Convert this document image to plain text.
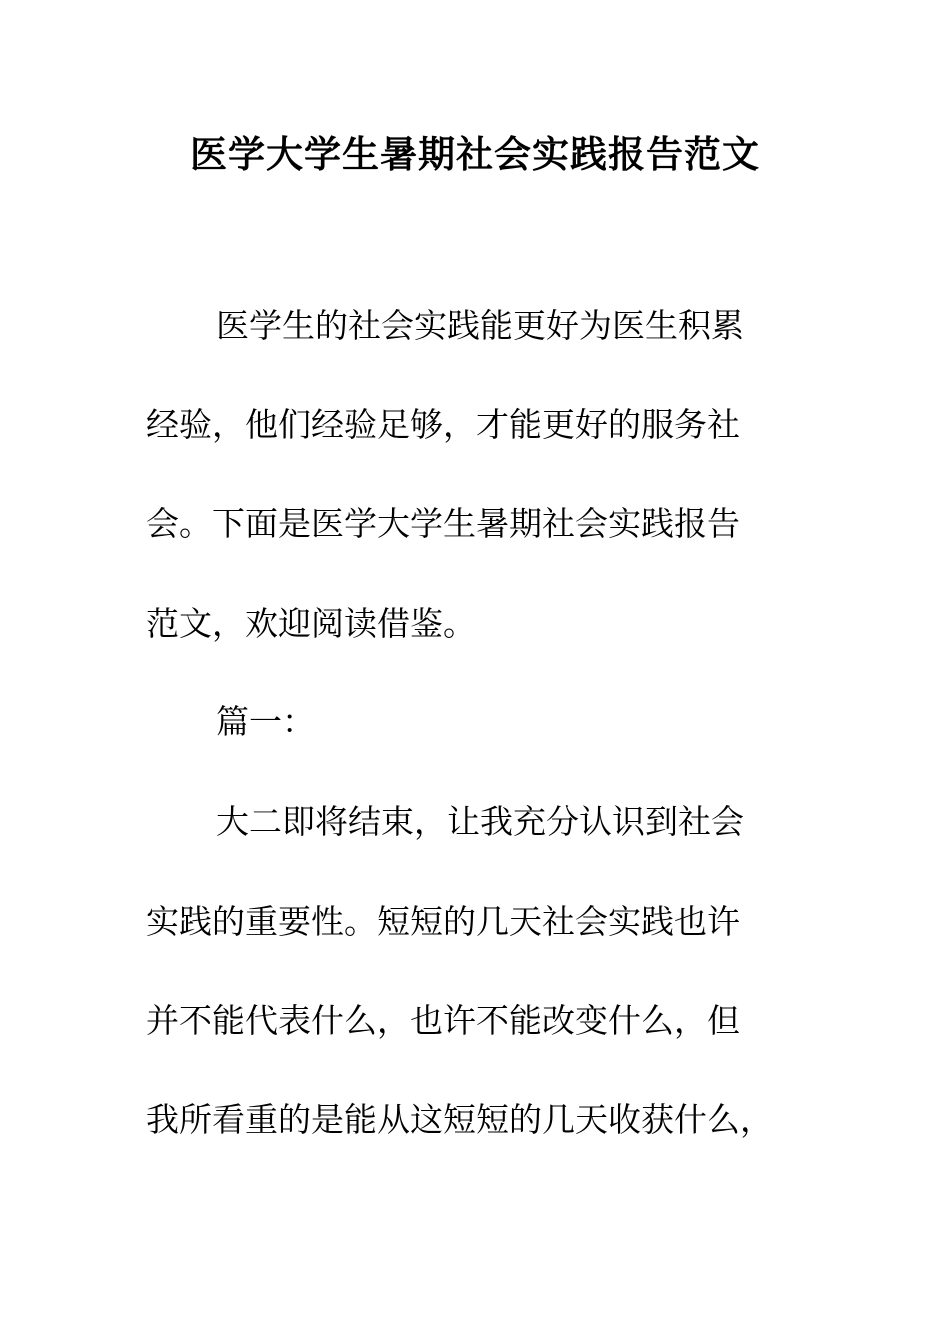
医学大学生暑期社会实践报告范文
医学生的社会实践能更好为医生积累
经验，他们经验足够，才能更好的服务社
会。下面是医学大学生暑期社会实践报告
范文，欢迎阅读借鉴。
篇一：
大二即将结束，让我充分认识到社会
实践的重要性。短短的几天社会实践也许
并不能代表什么，也许不能改变什么，但
我所看重的是能从这短短的几天收获什么，
